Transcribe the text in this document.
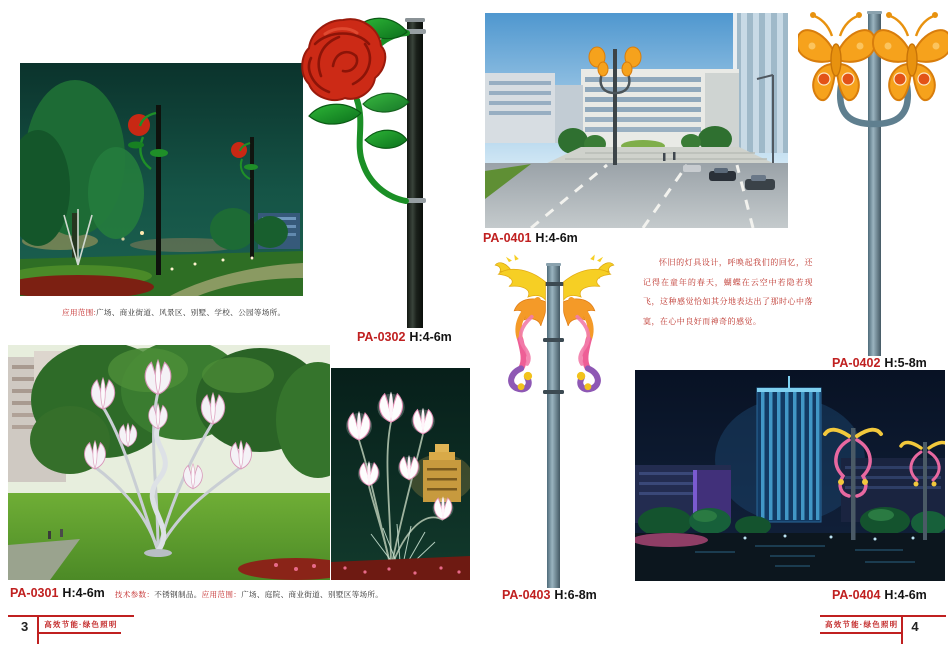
应用范围:广场、商业街道、风景区、别墅、学校、公园等场所。
PA-0302 H:4-6m
PA-0301 H:4-6m 技术参数：不锈钢制品。应用范围：广场、庭院、商业街道、别墅区等场所。
3	高效节能·绿色照明
PA-0401 H:4-6m
PA-0402 H:5-8m
怀旧的灯具设计，呼唤起我们的回忆，还记得在童年的春天，蝴蝶在云空中若隐若现飞，这种感觉恰如其分地表达出了那时心中落寞，在心中良好而神奇的感觉。
PA-0403 H:6-8m	PA-0404 H:4-6m
高效节能·绿色照明	4
